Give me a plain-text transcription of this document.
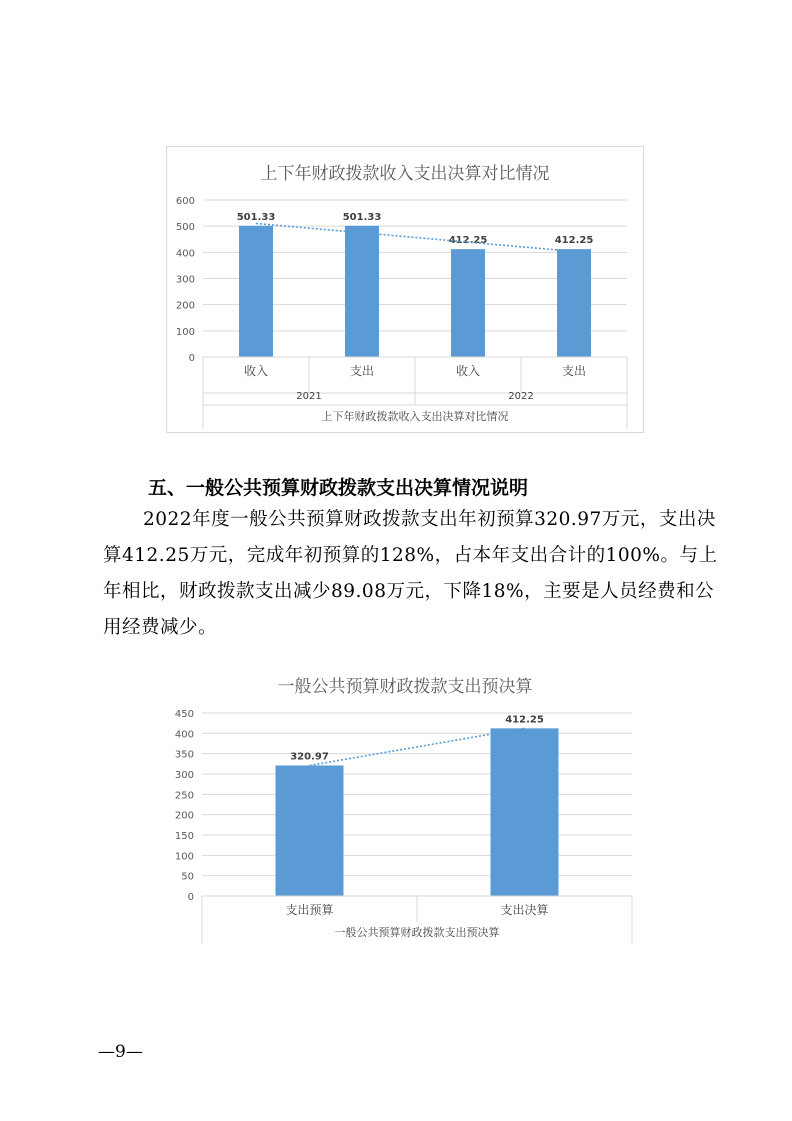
上下年财政拨款收入支出决算对比情况
0
100
200
300
400
500
600
501.33	501.33
412.25	412.25
收入	支出	收入	支出
2021	2022
上下年财政拨款收入支出决算对比情况
五、一般公共预算财政拨款支出决算情况说明
2022年度一般公共预算财政拨款支出年初预算320.97万元，支出决算412.25万元，完成年初预算的128%，占本年支出合计的100%。与上年相比，财政拨款支出减少89.08万元，下降18%，主要是人员经费和公用经费减少。
一般公共预算财政拨款支出预决算
0
50
100
150
200
250
300
350
400
450
320.97
412.25
支出预算	支出决算
一般公共预算财政拨款支出预决算
—9—
